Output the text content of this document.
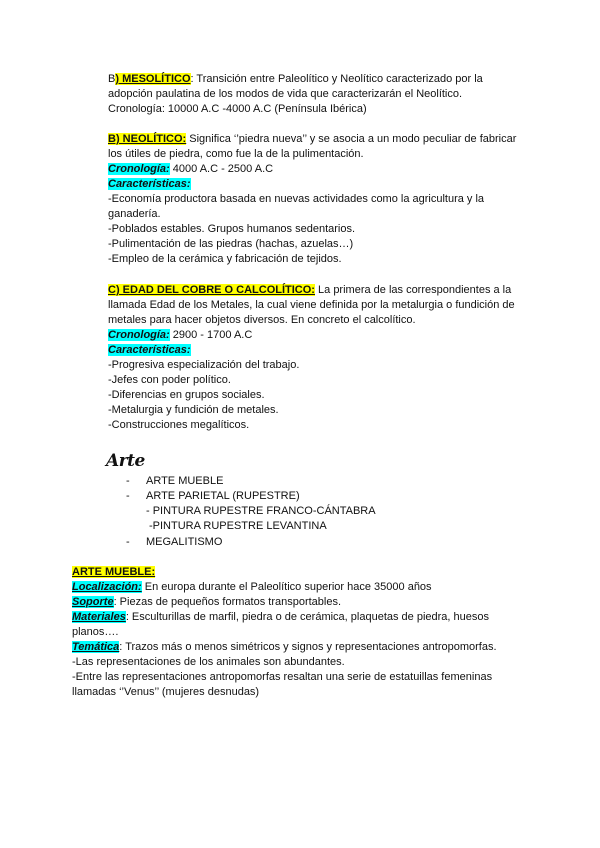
B) MESOLÍTICO: Transición entre Paleolítico y Neolítico caracterizado por la
adopción paulatina de los modos de vida que caracterizarán el Neolítico.
Cronología: 10000 A.C -4000 A.C (Península Ibérica)
B) NEOLÍTICO: Significa ‘’piedra nueva’’ y se asocia a un modo peculiar de fabricar
los útiles de piedra, como fue la de la pulimentación.
Cronología: 4000 A.C - 2500 A.C
Características:
-Economía productora basada en nuevas actividades como la agricultura y la
ganadería.
-Poblados estables. Grupos humanos sedentarios.
-Pulimentación de las piedras (hachas, azuelas…)
-Empleo de la cerámica y fabricación de tejidos.
C) EDAD DEL COBRE O CALCOLÍTICO: La primera de las correspondientes a la
llamada Edad de los Metales, la cual viene definida por la metalurgia o fundición de
metales para hacer objetos diversos. En concreto el calcolítico.
Cronología: 2900 - 1700 A.C
Características:
-Progresiva especialización del trabajo.
-Jefes con poder político.
-Diferencias en grupos sociales.
-Metalurgia y fundición de metales.
-Construcciones megalíticos.
Arte
- ARTE MUEBLE
- ARTE PARIETAL (RUPESTRE)
- PINTURA RUPESTRE FRANCO-CÁNTABRA
-PINTURA RUPESTRE LEVANTINA
- MEGALITISMO
ARTE MUEBLE:
Localización: En europa durante el Paleolítico superior hace 35000 años
Soporte: Piezas de pequeños formatos transportables.
Materiales: Esculturillas de marfil, piedra o de cerámica, plaquetas de piedra, huesos
planos….
Temática: Trazos más o menos simétricos y signos y representaciones antropomorfas.
-Las representaciones de los animales son abundantes.
-Entre las representaciones antropomorfas resaltan una serie de estatuillas femeninas
llamadas ‘’Venus’’ (mujeres desnudas)
